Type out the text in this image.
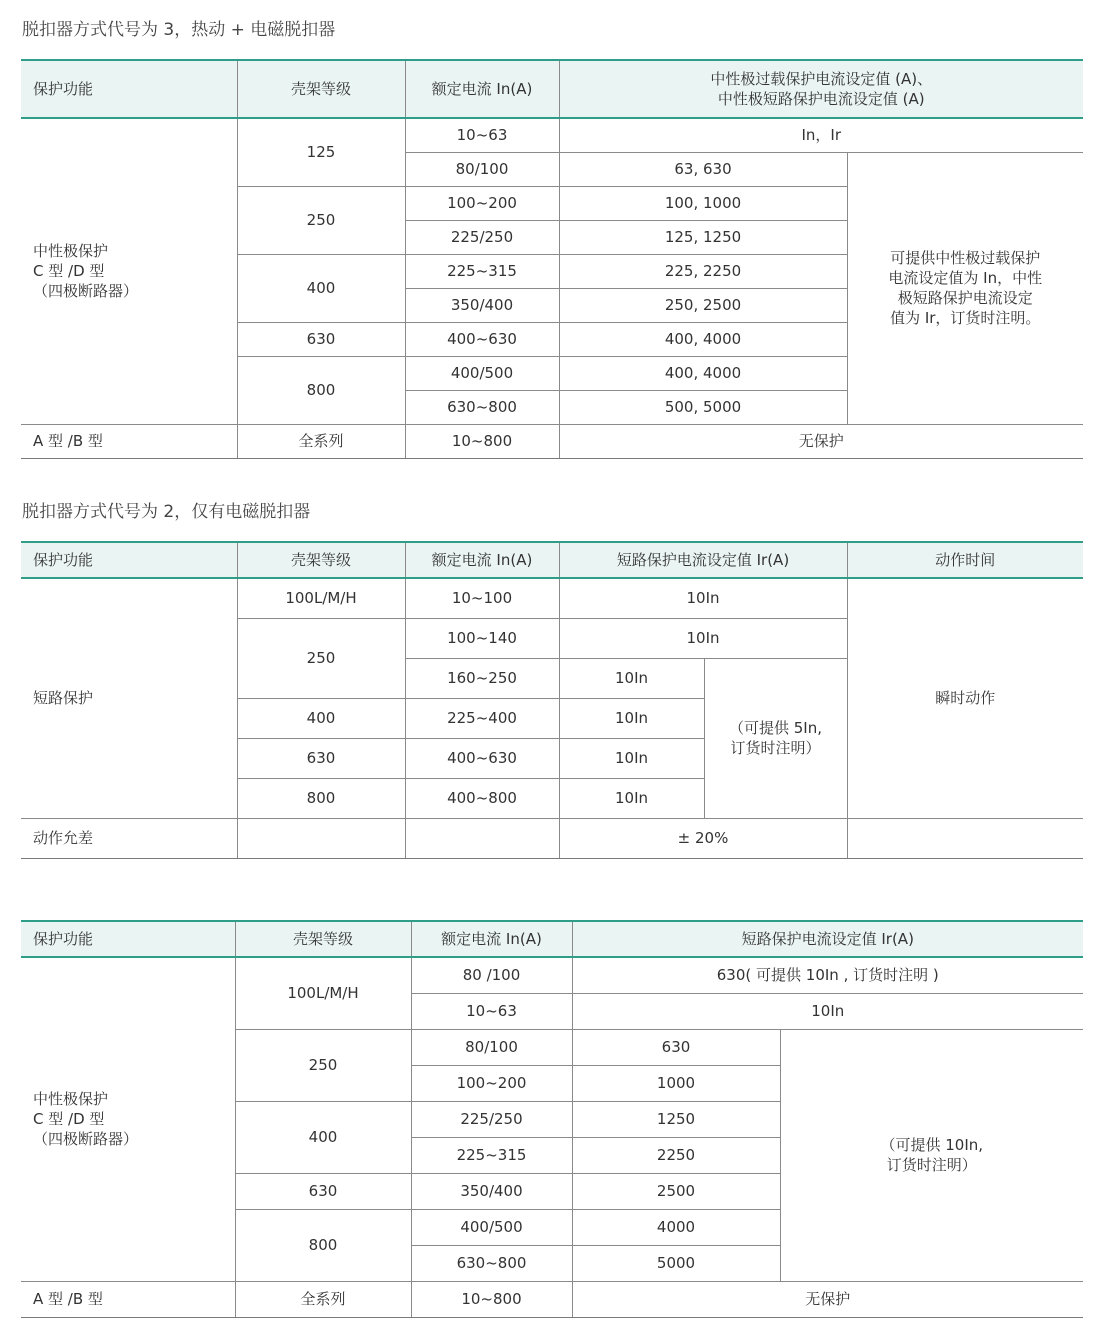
脱扣器方式代号为 3，热动 + 电磁脱扣器
保护功能	壳架等级	额定电流 In(A)	中性极过载保护电流设定值 (A)、
中性极短路保护电流设定值 (A)	
中性极保护
C 型 /D 型
（四极断路器）	125	10~63	In，Ir	
		80/100	63, 630	可提供中性极过载保护
电流设定值为 In，中性
极短路保护电流设定
值为 Ir，订货时注明。
	250	100~200	100, 1000	
		225/250	125, 1250	
	400	225~315	225, 2250	
		350/400	250, 2500	
	630	400~630	400, 4000	
	800	400/500	400, 4000	
		630~800	500, 5000	
A 型 /B 型	全系列	10~800	无保护	
脱扣器方式代号为 2，仅有电磁脱扣器
保护功能	壳架等级	额定电流 In(A)	短路保护电流设定值 Ir(A)		动作时间
短路保护	100L/M/H	10~100	10In		瞬时动作
	250	100~140	10In		
		160~250	10In	（可提供 5In,
订货时注明）	
	400	225~400	10In		
	630	400~630	10In		
	800	400~800	10In		
动作允差			± 20%		
保护功能	壳架等级	额定电流 In(A)	短路保护电流设定值 Ir(A)	
中性极保护
C 型 /D 型
（四极断路器）	100L/M/H	80 /100	630( 可提供 10In , 订货时注明 )	
		10~63	10In	
	250	80/100	630	（可提供 10In,
订货时注明）
		100~200	1000	
	400	225/250	1250	
		225~315	2250	
	630	350/400	2500	
	800	400/500	4000	
		630~800	5000	
A 型 /B 型	全系列	10~800	无保护	
